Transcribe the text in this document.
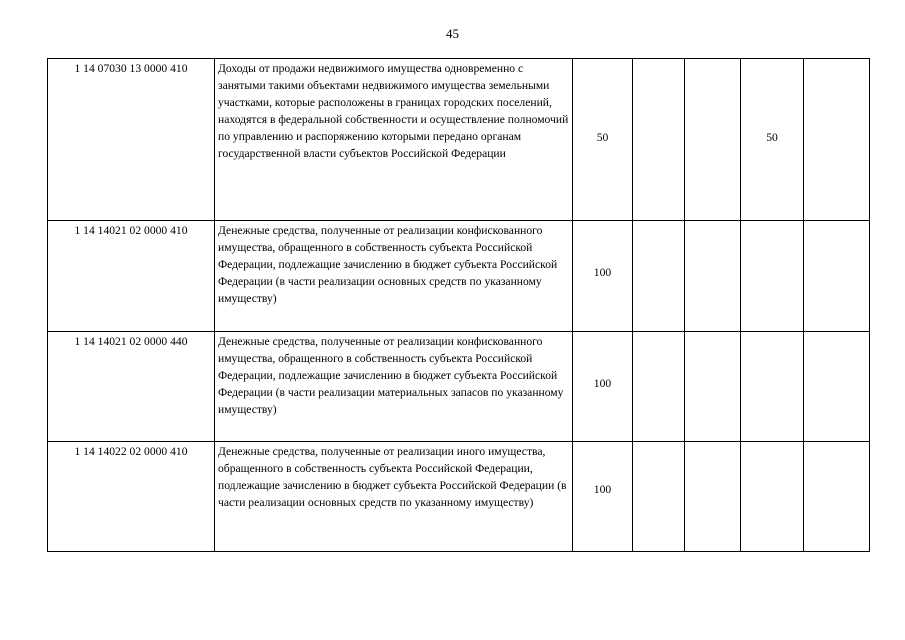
45
1 14 07030 13 0000 410	Доходы от продажи недвижимого имущества одновременно с занятыми такими объектами недвижимого имущества земельными участками, которые расположены в границах городских поселений, находятся в федеральной собственности и осуществление полномочий по управлению и распоряжению которыми передано органам государственной власти субъектов Российской Федерации	50			50	

1 14 14021 02 0000 410	Денежные средства, полученные от реализации конфискованного имущества, обращенного в собственность субъекта Российской Федерации, подлежащие зачислению в бюджет субъекта Российской Федерации (в части реализации основных средств по указанному имуществу)	100				

1 14 14021 02 0000 440	Денежные средства, полученные от реализации конфискованного имущества, обращенного в собственность субъекта Российской Федерации, подлежащие зачислению в бюджет субъекта Российской Федерации (в части реализации материальных запасов по указанному имуществу)	100				

1 14 14022 02 0000 410	Денежные средства, полученные от реализации иного имущества, обращенного в собственность субъекта Российской Федерации, подлежащие зачислению в бюджет субъекта Российской Федерации (в части реализации основных средств по указанному имуществу)	100				
